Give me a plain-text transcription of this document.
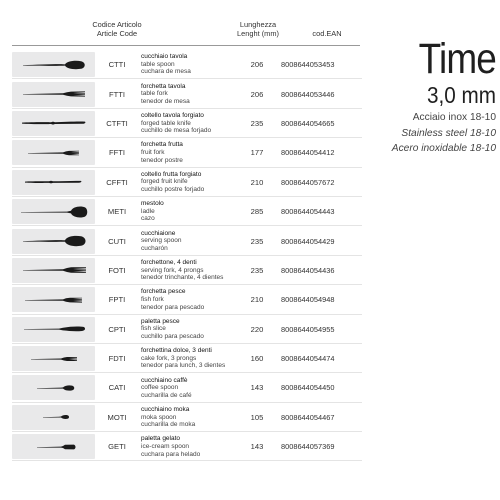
Codice Articolo
Article Code
Lunghezza
Lenght (mm)	cod.EAN
CTTI
cucchiaio tavola
table spoon
cuchara de mesa
206	8008644053453
FTTI
forchetta tavola
table fork
tenedor de mesa
206	8008644053446
CTFTI
coltello tavola forgiato
forged table knife
cuchillo de mesa forjado
235	8008644054665
FFTI
forchetta frutta
fruit fork
tenedor postre
177	8008644054412
CFFTI
coltello frutta forgiato
forged fruit knife
cuchillo postre forjado
210	8008644057672
METI
mestolo
ladle
cazo
285	8008644054443
CUTI
cucchiaione
serving spoon
cucharón
235	8008644054429
FOTI
forchettone, 4 denti
serving fork, 4 prongs
tenedor trinchante, 4 dientes
235	8008644054436
FPTI
forchetta pesce
fish fork
tenedor para pescado
210	8008644054948
CPTI
paletta pesce
fish slice
cuchillo para pescado
220	8008644054955
FDTI
forchettina dolce, 3 denti
cake fork, 3 prongs
tenedor para lunch, 3 dientes
160	8008644054474
CATI
cucchiaino caffè
coffee spoon
cucharilla de café
143	8008644054450
MOTI
cucchiaino moka
moka spoon
cucharilla de moka
105	8008644054467
GETI
paletta gelato
ice-cream spoon
cuchara para helado
143	8008644057369
Time
3,0 mm
Acciaio inox 18-10
Stainless steel 18-10
Acero inoxidable 18-10
